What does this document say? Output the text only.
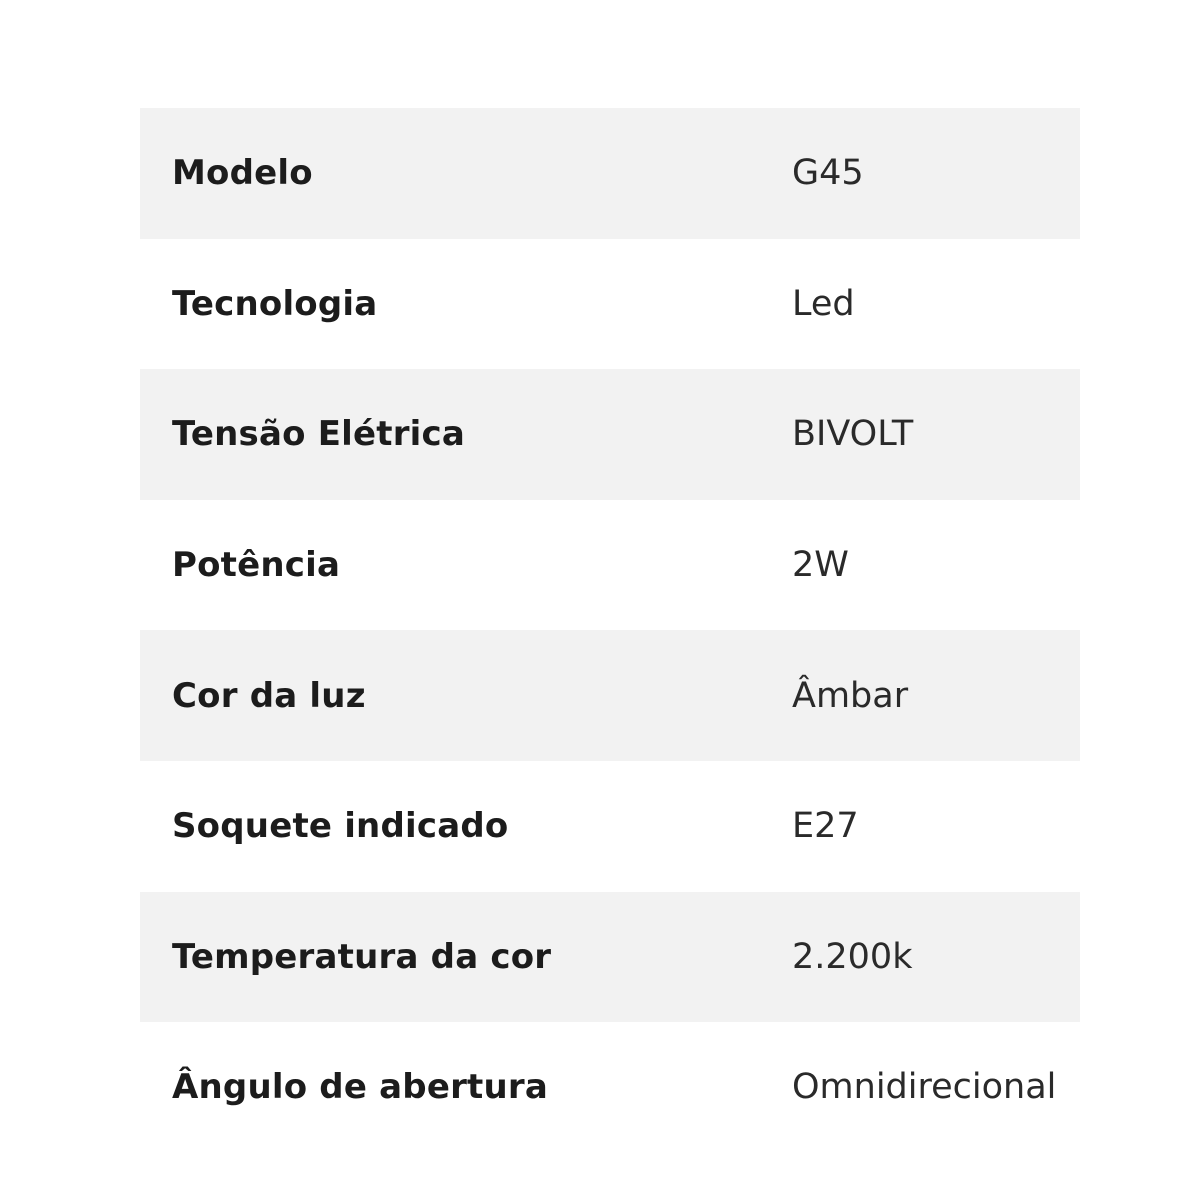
Modelo	G45
Tecnologia	Led
Tensão Elétrica	BIVOLT
Potência	2W
Cor da luz	Âmbar
Soquete indicado	E27
Temperatura da cor	2.200k
Ângulo de abertura	Omnidirecional
